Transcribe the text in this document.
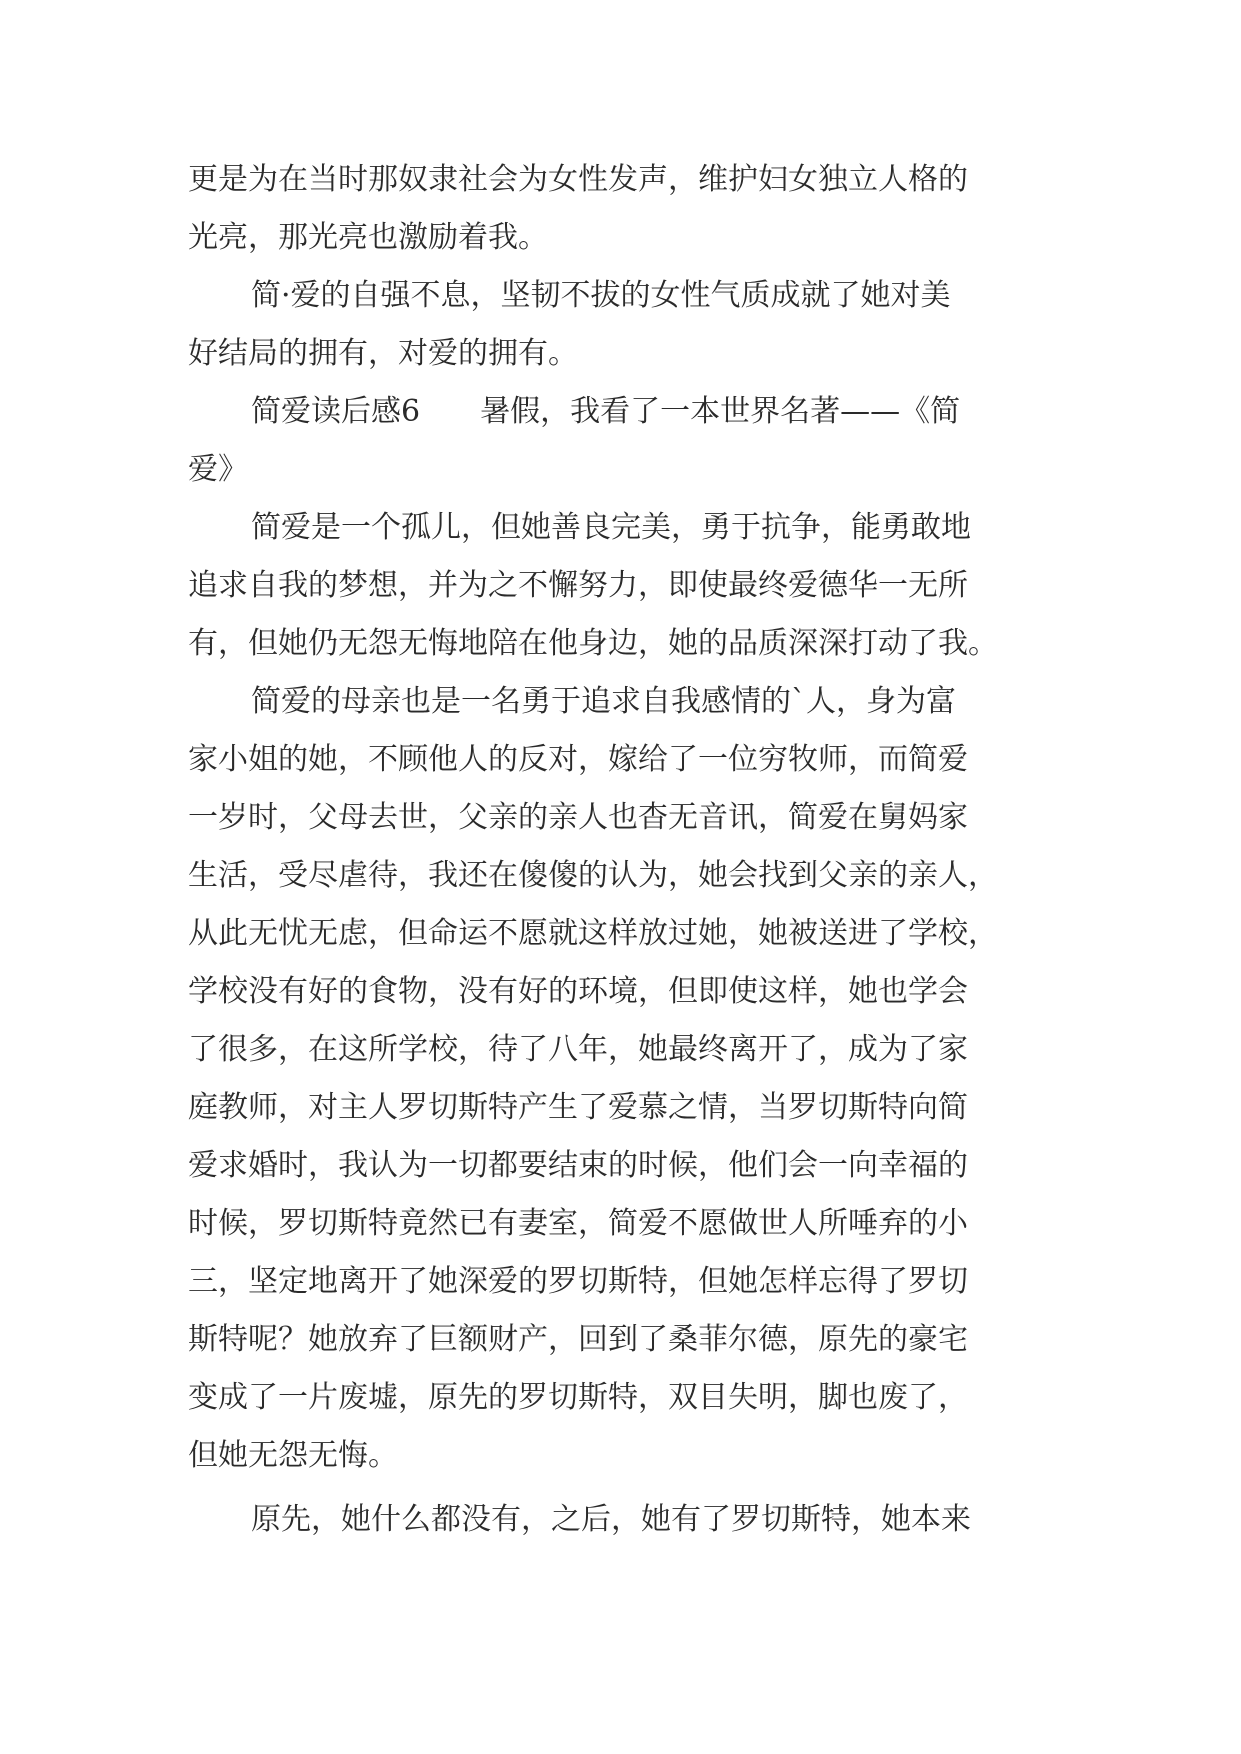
更是为在当时那奴隶社会为女性发声，维护妇女独立人格的
光亮，那光亮也激励着我。
简·爱的自强不息，坚韧不拔的女性气质成就了她对美
好结局的拥有，对爱的拥有。
简爱读后感6　　暑假，我看了一本世界名著——《简
爱》
简爱是一个孤儿，但她善良完美，勇于抗争，能勇敢地
追求自我的梦想，并为之不懈努力，即使最终爱德华一无所
有，但她仍无怨无悔地陪在他身边，她的品质深深打动了我。
简爱的母亲也是一名勇于追求自我感情的`人，身为富
家小姐的她，不顾他人的反对，嫁给了一位穷牧师，而简爱
一岁时，父母去世，父亲的亲人也杳无音讯，简爱在舅妈家
生活，受尽虐待，我还在傻傻的认为，她会找到父亲的亲人，
从此无忧无虑，但命运不愿就这样放过她，她被送进了学校，
学校没有好的食物，没有好的环境，但即使这样，她也学会
了很多，在这所学校，待了八年，她最终离开了，成为了家
庭教师，对主人罗切斯特产生了爱慕之情，当罗切斯特向简
爱求婚时，我认为一切都要结束的时候，他们会一向幸福的
时候，罗切斯特竟然已有妻室，简爱不愿做世人所唾弃的小
三，坚定地离开了她深爱的罗切斯特，但她怎样忘得了罗切
斯特呢？她放弃了巨额财产，回到了桑菲尔德，原先的豪宅
变成了一片废墟，原先的罗切斯特，双目失明，脚也废了，
但她无怨无悔。
原先，她什么都没有，之后，她有了罗切斯特，她本来
